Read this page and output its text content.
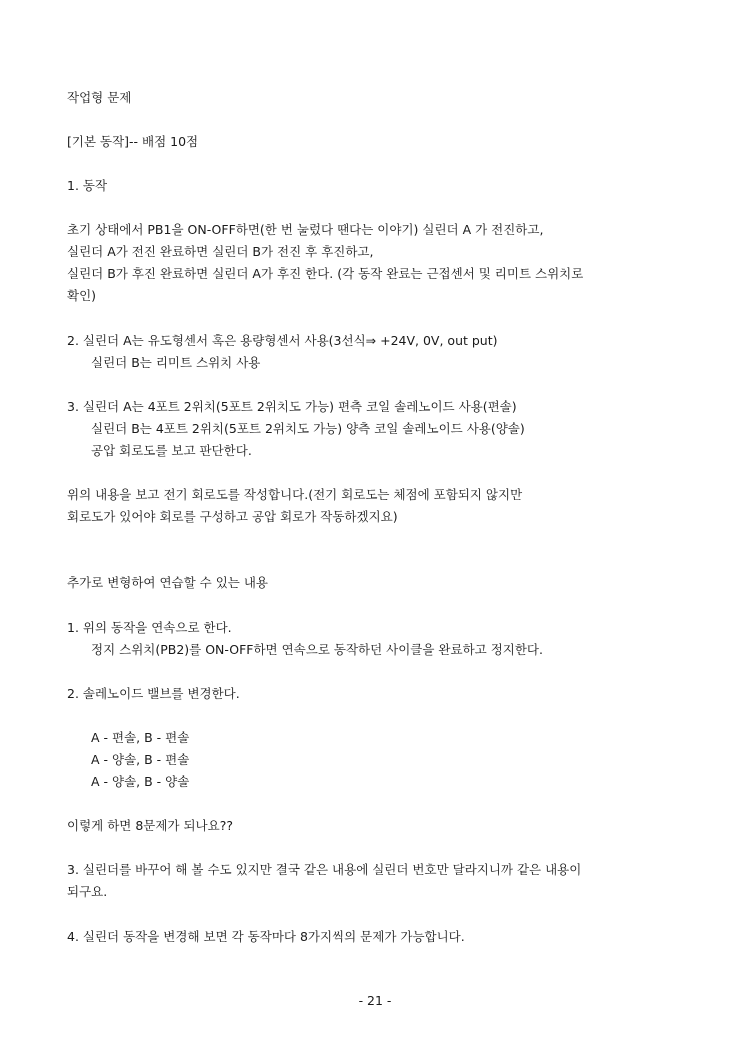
작업형 문제

[기본 동작]-- 배점 10점

1. 동작

초기 상태에서 PB1을 ON-OFF하면(한 번 눌렀다 땐다는 이야기) 실린더 A 가 전진하고,

실린더 A가 전진 완료하면 실린더 B가 전진 후 후진하고,

실린더 B가 후진 완료하면 실린더 A가 후진 한다. (각 동작 완료는 근접센서 및 리미트 스위치로

확인)

2. 실린더 A는 유도형센서 혹은 용량형센서 사용(3선식⇒ +24V, 0V, out put)

실린더 B는 리미트 스위치 사용

3. 실린더 A는 4포트 2위치(5포트 2위치도 가능) 편측 코일 솔레노이드 사용(편솔)

실린더 B는 4포트 2위치(5포트 2위치도 가능) 양측 코일 솔레노이드 사용(양솔)

공압 회로도를 보고 판단한다.

위의 내용을 보고 전기 회로도를 작성합니다.(전기 회로도는 체점에 포함되지 않지만

회로도가 있어야 회로를 구성하고 공압 회로가 작동하겠지요)

추가로 변형하여 연습할 수 있는 내용

1. 위의 동작을 연속으로 한다.

정지 스위치(PB2)를 ON-OFF하면 연속으로 동작하던 사이클을 완료하고 정지한다.

2. 솔레노이드 밸브를 변경한다.

A - 편솔, B - 편솔

A - 양솔, B - 편솔

A - 양솔, B - 양솔

이렇게 하면 8문제가 되나요??

3. 실린더를 바꾸어 해 볼 수도 있지만 결국 같은 내용에 실린더 번호만 달라지니까 같은 내용이

되구요.

4. 실린더 동작을 변경해 보면 각 동작마다 8가지씩의 문제가 가능합니다.

- 21 -
